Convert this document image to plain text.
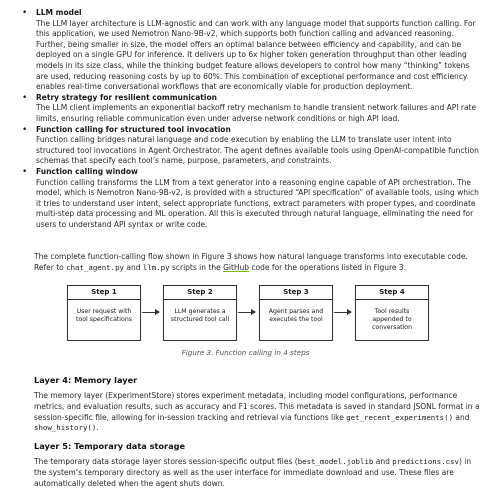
• LLM model

The LLM layer architecture is LLM-agnostic and can work with any language model that supports function calling. For this application, we used Nemotron Nano-9B-v2, which supports both function calling and advanced reasoning. Further, being smaller in size, the model offers an optimal balance between efficiency and capability, and can be deployed on a single GPU for inference. It delivers up to 6x higher token generation throughput than other leading models in its size class, while the thinking budget feature allows developers to control how many “thinking” tokens are used, reducing reasoning costs by up to 60%. This combination of exceptional performance and cost efficiency enables real-time conversational workflows that are economically viable for production deployment.

• Retry strategy for resilient communication

The LLM client implements an exponential backoff retry mechanism to handle transient network failures and API rate limits, ensuring reliable communication even under adverse network conditions or high API load.

• Function calling for structured tool invocation

Function calling bridges natural language and code execution by enabling the LLM to translate user intent into structured tool invocations in Agent Orchestrator. The agent defines available tools using OpenAI-compatible function schemas that specify each tool’s name, purpose, parameters, and constraints.

• Function calling window

Function calling transforms the LLM from a text generator into a reasoning engine capable of API orchestration. The model, which is Nemotron Nano-9B-v2, is provided with a structured “API specification” of available tools, using which it tries to understand user intent, select appropriate functions, extract parameters with proper types, and coordinate multi-step data processing and ML operation. All this is executed through natural language, eliminating the need for users to understand API syntax or write code.

The complete function-calling flow shown in Figure 3 shows how natural language transforms into executable code. Refer to chat_agent.py and llm.py scripts in the GitHub code for the operations listed in Figure 3.

Step 1
User request with tool specifications
Step 2
LLM generates a structured tool call
Step 3
Agent parses and executes the tool
Step 4
Tool results appended to conversation
Figure 3. Function calling in 4 steps
Layer 4: Memory layer

The memory layer (ExperimentStore) stores experiment metadata, including model configurations, performance metrics, and evaluation results, such as accuracy and F1 scores. This metadata is saved in standard JSONL format in a session-specific file, allowing for in-session tracking and retrieval via functions like get_recent_experiments() and show_history().

Layer 5: Temporary data storage

The temporary data storage layer stores session-specific output files (best_model.joblib and predictions.csv) in the system’s temporary directory as well as the user interface for immediate download and use. These files are automatically deleted when the agent shuts down.
